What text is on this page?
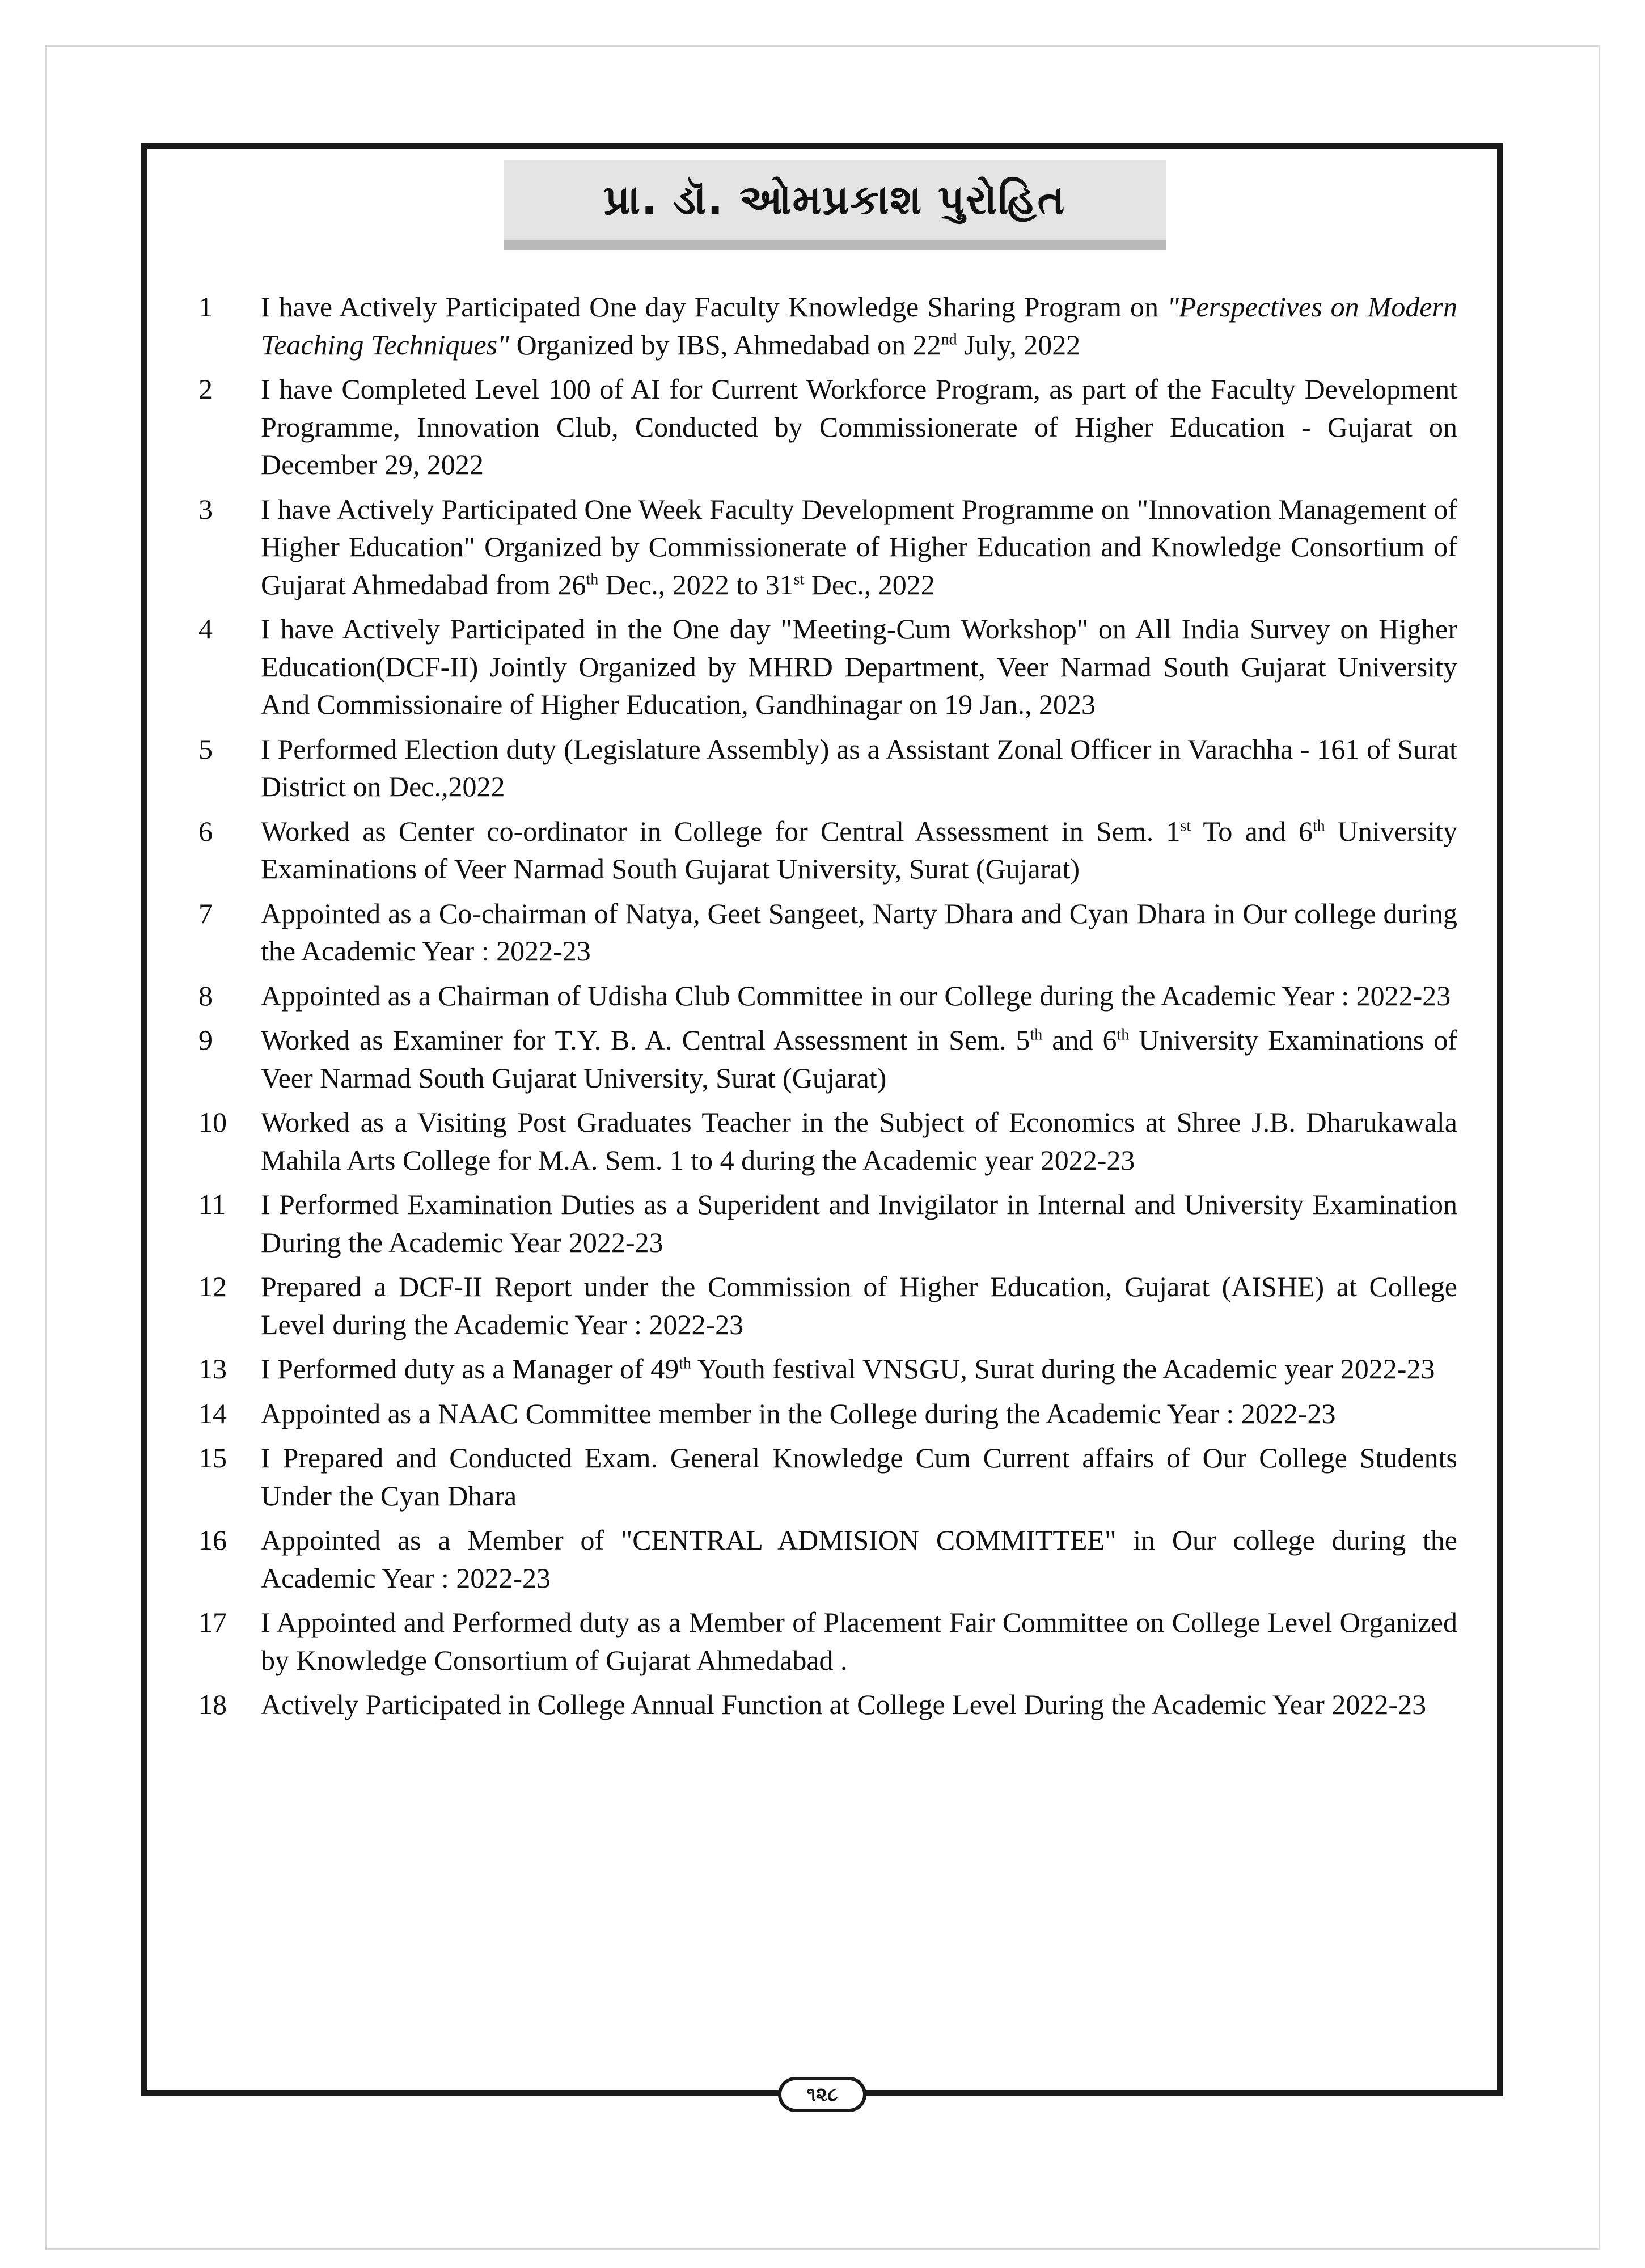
પ્રા. ડૉ. ઓમપ્રકાશ પુરોહિત
1	I have Actively Participated One day Faculty Knowledge Sharing Program on "Perspectives on Modern Teaching Techniques" Organized by IBS, Ahmedabad on 22nd July, 2022
2	I have Completed Level 100 of AI for Current Workforce Program, as part of the Faculty Development Programme, Innovation Club, Conducted by Commissionerate of Higher Education - Gujarat on December 29, 2022
3	I have Actively Participated One Week Faculty Development Programme on "Innovation Management of Higher Education" Organized by Commissionerate of Higher Education and Knowledge Consortium of Gujarat Ahmedabad from 26th Dec., 2022 to 31st Dec., 2022
4	I have Actively Participated in the One day "Meeting-Cum Workshop" on All India Survey on Higher Education(DCF-II) Jointly Organized by MHRD Department, Veer Narmad South Gujarat University And Commissionaire of Higher Education, Gandhinagar on 19 Jan., 2023
5	I Performed Election duty (Legislature Assembly) as a Assistant Zonal Officer in Varachha - 161 of Surat District on Dec.,2022
6	Worked as Center co-ordinator in College for Central Assessment in Sem. 1st To and 6th University Examinations of Veer Narmad South Gujarat University, Surat (Gujarat)
7	Appointed as a Co-chairman of Natya, Geet Sangeet, Narty Dhara and Cyan Dhara in Our college during the Academic Year : 2022-23
8	Appointed as a Chairman of Udisha Club Committee in our College during the Academic Year : 2022-23
9	Worked as Examiner for T.Y. B. A. Central Assessment in Sem. 5th and 6th University Examinations of Veer Narmad South Gujarat University, Surat (Gujarat)
10	Worked as a Visiting Post Graduates Teacher in the Subject of Economics at Shree J.B. Dharukawala Mahila Arts College for M.A. Sem. 1 to 4 during the Academic year 2022-23
11	I Performed Examination Duties as a Superident and Invigilator in Internal and University Examination During the Academic Year 2022-23
12	Prepared a DCF-II Report under the Commission of Higher Education, Gujarat (AISHE) at College Level during the Academic Year : 2022-23
13	I Performed duty as a Manager of 49th Youth festival VNSGU, Surat during the Academic year 2022-23
14	Appointed as a NAAC Committee member in the College during the Academic Year : 2022-23
15	I Prepared and Conducted Exam. General Knowledge Cum Current affairs of Our College Students Under the Cyan Dhara
16	Appointed as a Member of "CENTRAL ADMISION COMMITTEE" in Our college during the Academic Year : 2022-23
17	I Appointed and Performed duty as a Member of Placement Fair Committee on College Level Organized by Knowledge Consortium of Gujarat Ahmedabad .
18	Actively Participated in College Annual Function at College Level During the Academic Year 2022-23
૧૨૮
